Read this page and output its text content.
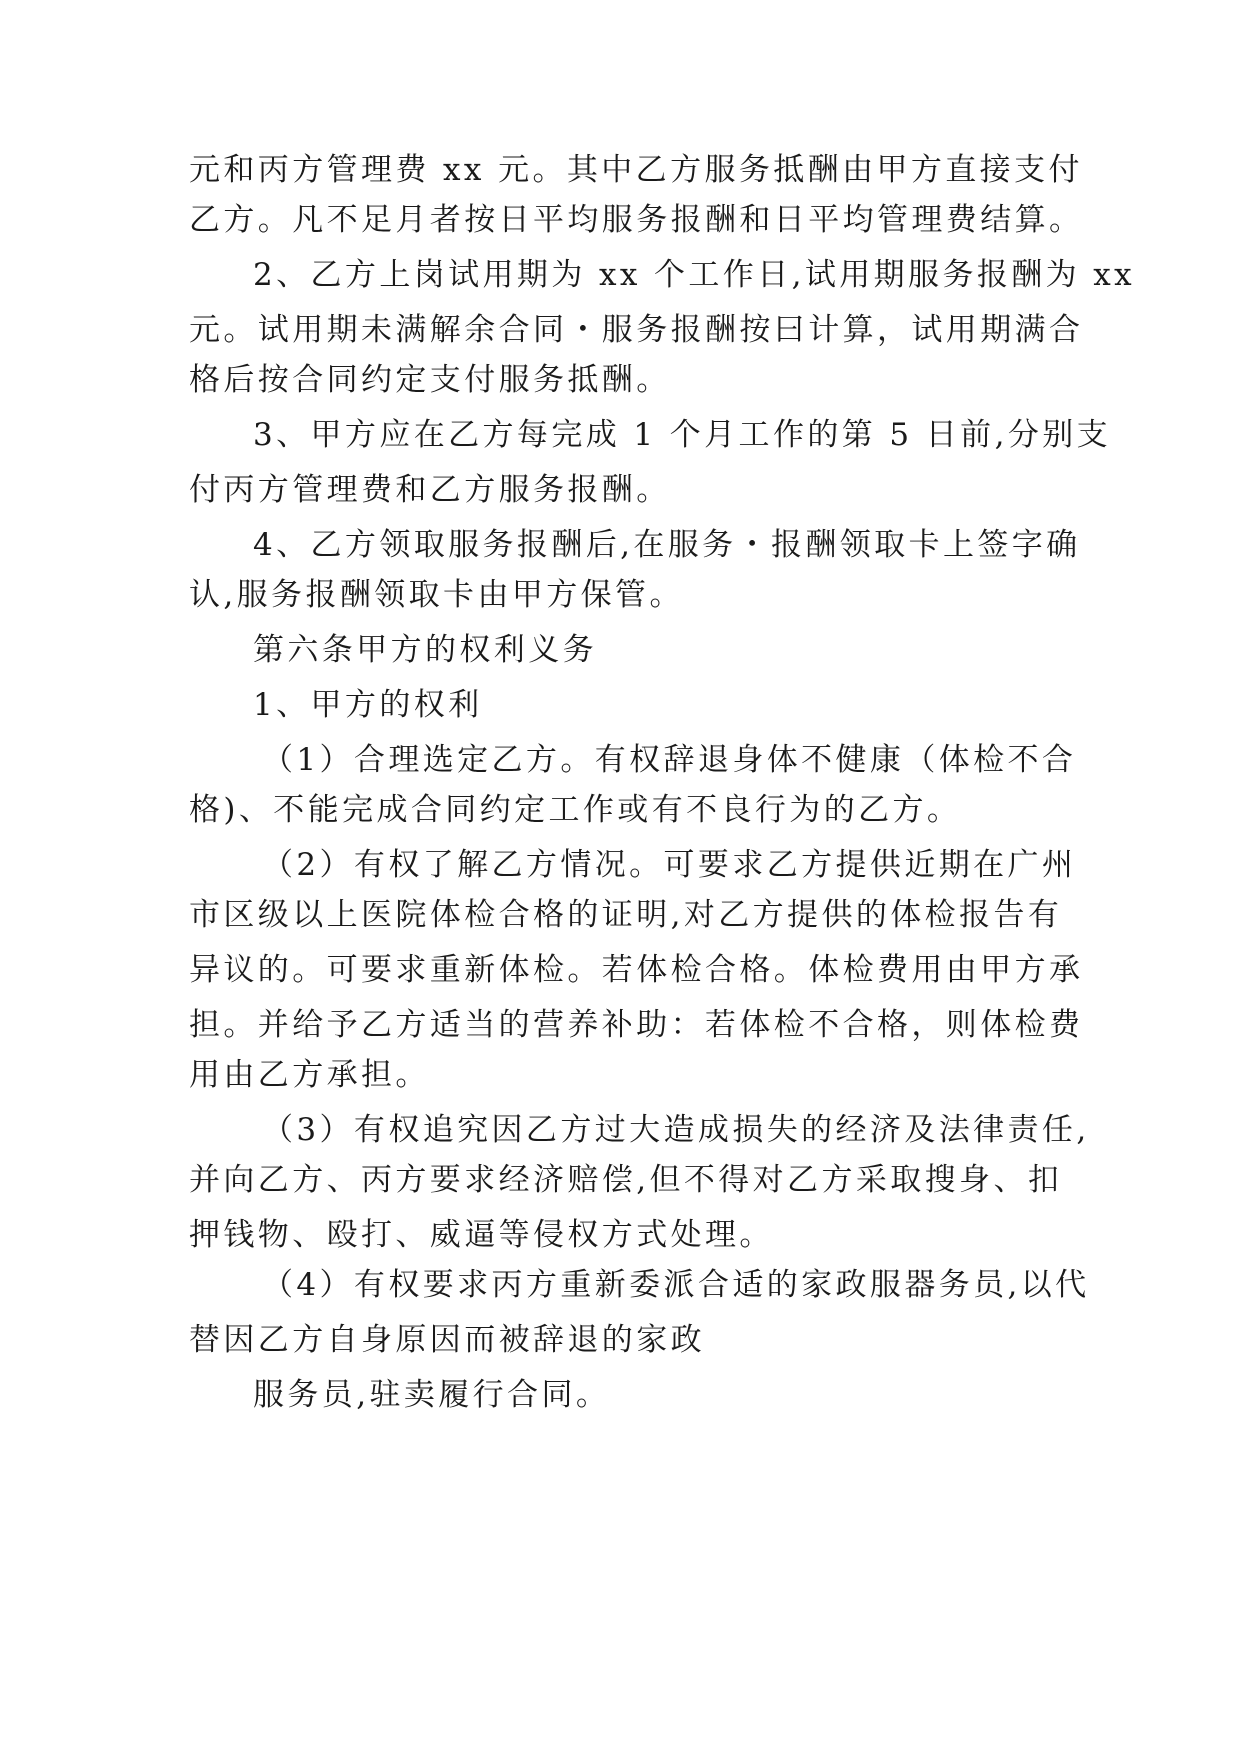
元和丙方管理费 xx 元。其中乙方服务抵酬由甲方直接支付
乙方。凡不足月者按日平均服务报酬和日平均管理费结算。
2、乙方上岗试用期为 xx 个工作日,试用期服务报酬为 xx
元。试用期未满解余合同・服务报酬按曰计算，试用期满合
格后按合同约定支付服务抵酬。
3、甲方应在乙方每完成 1 个月工作的第 5 日前,分别支
付丙方管理费和乙方服务报酬。
4、乙方领取服务报酬后,在服务・报酬领取卡上签字确
认,服务报酬领取卡由甲方保管。
第六条甲方的权利义务
1、甲方的权利
（1）合理选定乙方。有权辞退身体不健康（体检不合
格)、不能完成合同约定工作或有不良行为的乙方。
（2）有权了解乙方情况。可要求乙方提供近期在广州
市区级以上医院体检合格的证明,对乙方提供的体检报告有
异议的。可要求重新体检。若体检合格。体检费用由甲方承
担。并给予乙方适当的营养补助：若体检不合格，则体检费
用由乙方承担。
（3）有权追究因乙方过大造成损失的经济及法律责任,
并向乙方、丙方要求经济赔偿,但不得对乙方采取搜身、扣
押钱物、殴打、威逼等侵权方式处理。
（4）有权要求丙方重新委派合适的家政服器务员,以代
替因乙方自身原因而被辞退的家政
服务员,驻卖履行合同。
